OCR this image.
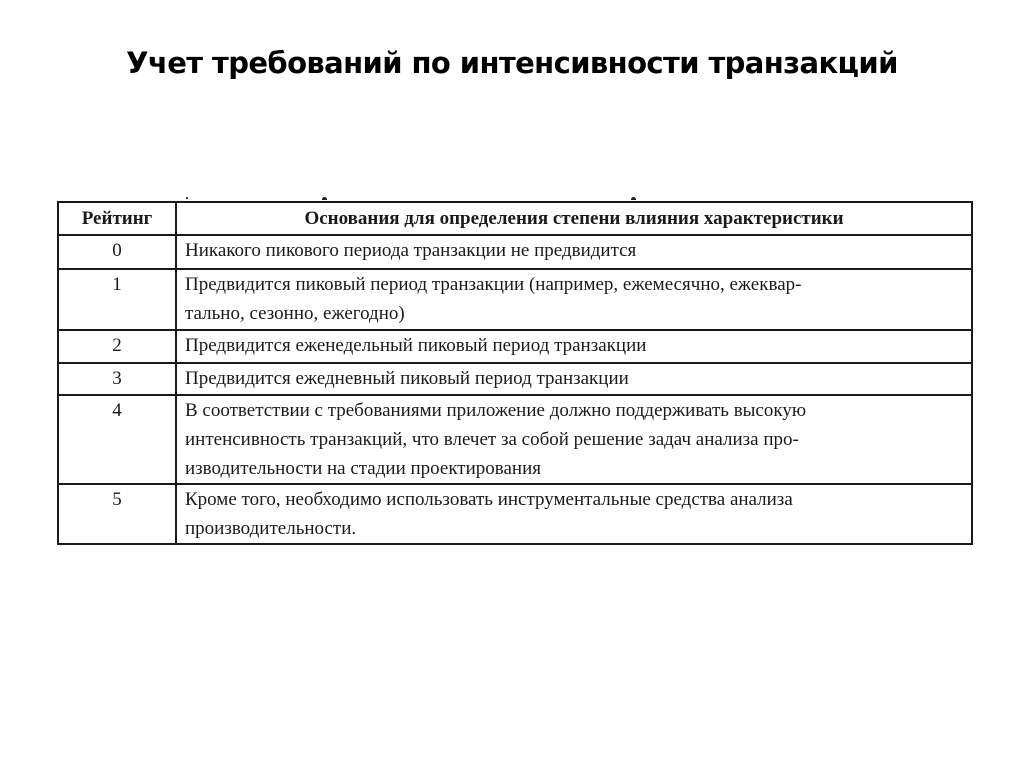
Учет требований по интенсивности транзакций
Рейтинг	Основания для определения степени влияния характеристики
0	Никакого пикового периода транзакции не предвидится

1	Предвидится пиковый период транзакции (например, ежемесячно, ежеквар-
тально, сезонно, ежегодно)

2	Предвидится еженедельный пиковый период транзакции

3	Предвидится ежедневный пиковый период транзакции

4	В соответствии с требованиями приложение должно поддерживать высокую
интенсивность транзакций, что влечет за собой решение задач анализа про-
изводительности на стадии проектирования

5	Кроме того, необходимо использовать инструментальные средства анализа
производительности.
